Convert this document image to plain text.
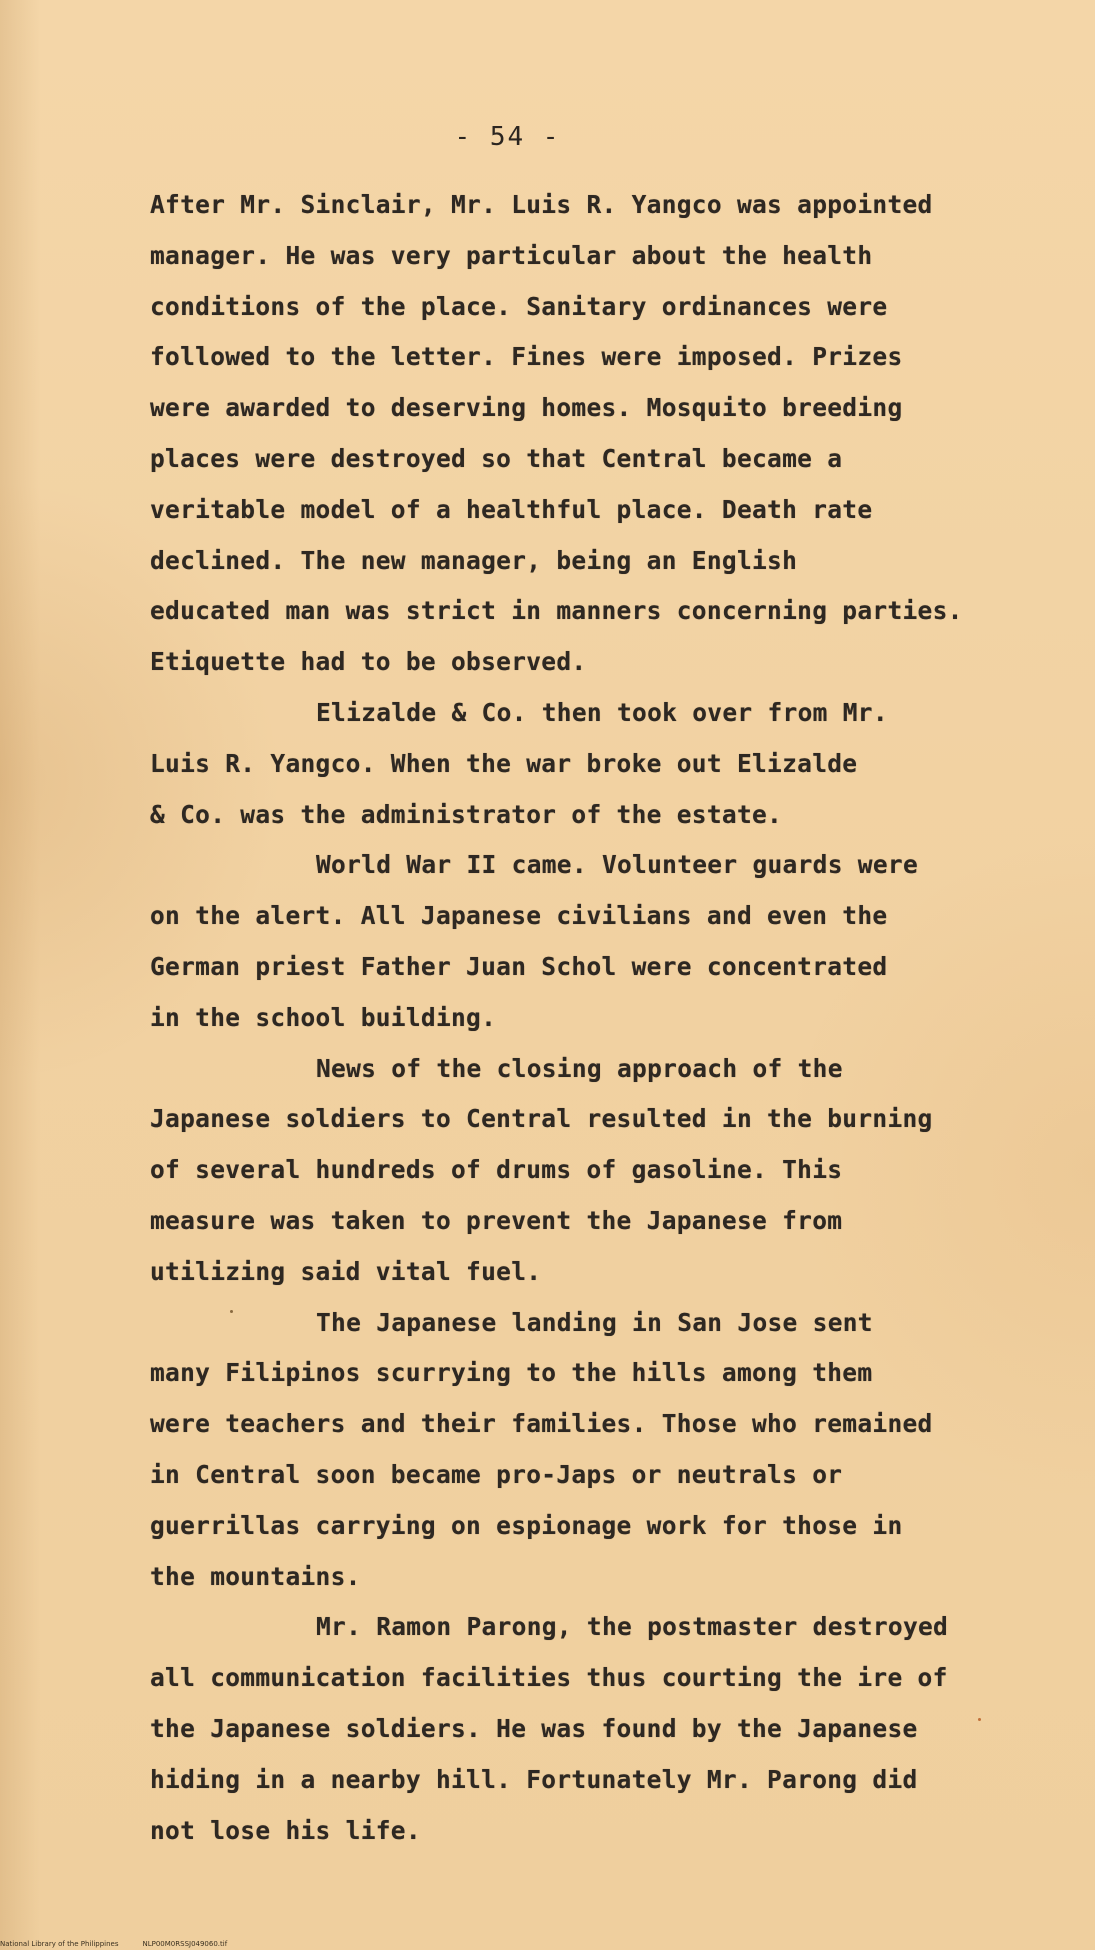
- 54 -
After Mr. Sinclair, Mr. Luis R. Yangco was appointed
manager. He was very particular about the health
conditions of the place. Sanitary ordinances were
followed to the letter. Fines were imposed. Prizes
were awarded to deserving homes. Mosquito breeding
places were destroyed so that Central became a
veritable model of a healthful place. Death rate
declined. The new manager, being an English
educated man was strict in manners concerning parties.
Etiquette had to be observed.
Elizalde & Co. then took over from Mr.
Luis R. Yangco. When the war broke out Elizalde
& Co. was the administrator of the estate.
World War II came. Volunteer guards were
on the alert. All Japanese civilians and even the
German priest Father Juan Schol were concentrated
in the school building.
News of the closing approach of the
Japanese soldiers to Central resulted in the burning
of several hundreds of drums of gasoline. This
measure was taken to prevent the Japanese from
utilizing said vital fuel.
The Japanese landing in San Jose sent
many Filipinos scurrying to the hills among them
were teachers and their families. Those who remained
in Central soon became pro-Japs or neutrals or
guerrillas carrying on espionage work for those in
the mountains.
Mr. Ramon Parong, the postmaster destroyed
all communication facilities thus courting the ire of
the Japanese soldiers. He was found by the Japanese
hiding in a nearby hill. Fortunately Mr. Parong did
not lose his life.
National Library of the Philippines	NLP00M0RSSJ049060.tif
